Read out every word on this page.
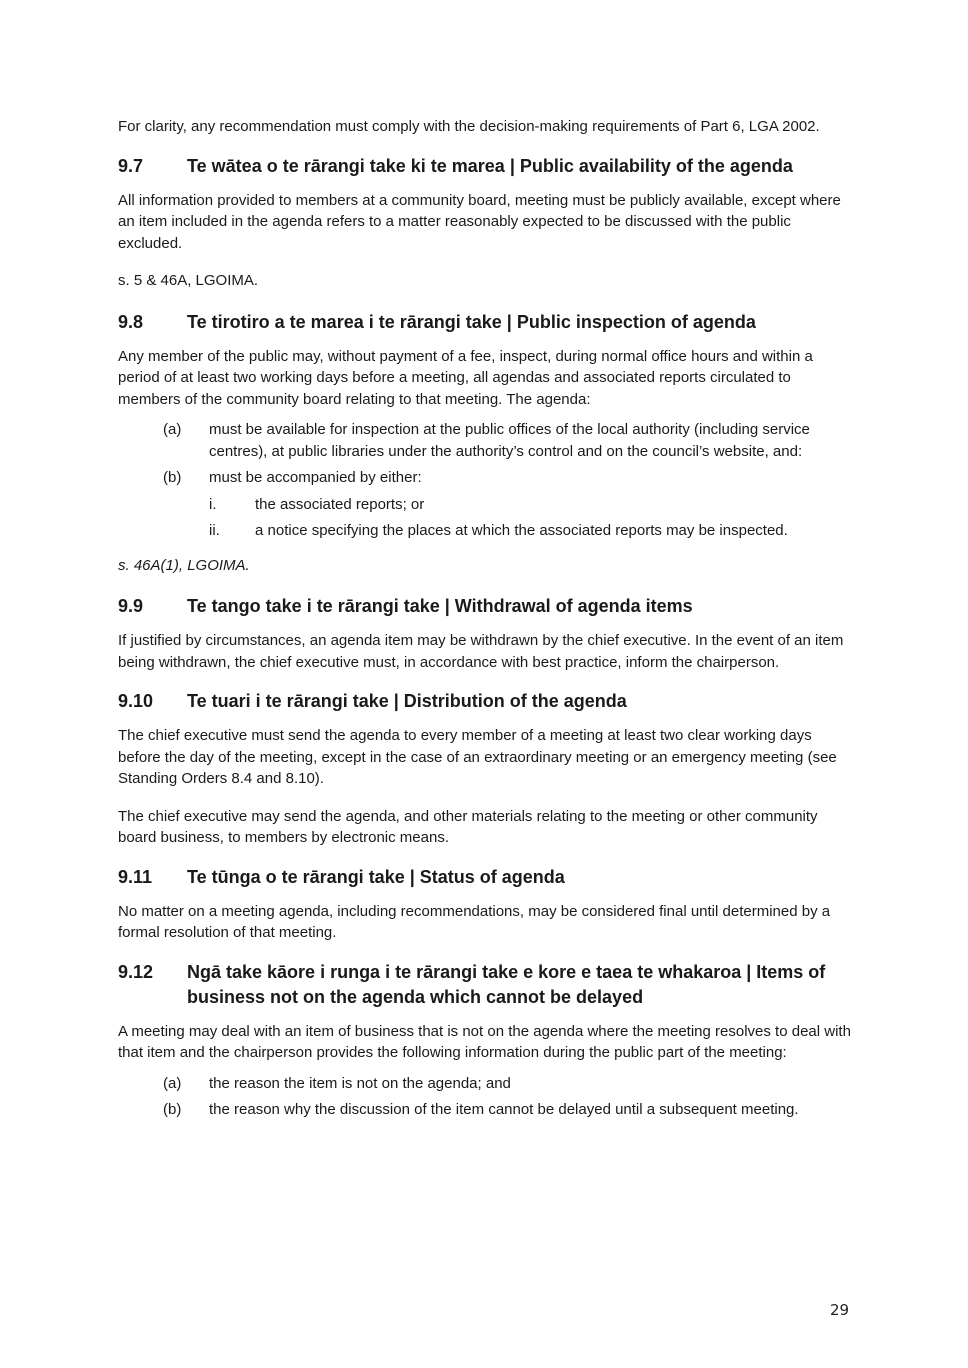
For clarity, any recommendation must comply with the decision-making requirements of Part 6, LGA 2002.

9.7	Te wātea o te rārangi take ki te marea | Public availability of the agenda

All information provided to members at a community board, meeting must be publicly available, except where an item included in the agenda refers to a matter reasonably expected to be discussed with the public excluded.

s. 5 & 46A, LGOIMA.

9.8	Te tirotiro a te marea i te rārangi take | Public inspection of agenda

Any member of the public may, without payment of a fee, inspect, during normal office hours and within a period of at least two working days before a meeting, all agendas and associated reports circulated to members of the community board relating to that meeting. The agenda:

(a)	must be available for inspection at the public offices of the local authority (including service centres), at public libraries under the authority’s control and on the council’s website, and:
(b)	must be accompanied by either:
i.	the associated reports; or
ii.	a notice specifying the places at which the associated reports may be inspected.

s. 46A(1), LGOIMA.

9.9	Te tango take i te rārangi take | Withdrawal of agenda items

If justified by circumstances, an agenda item may be withdrawn by the chief executive. In the event of an item being withdrawn, the chief executive must, in accordance with best practice, inform the chairperson.

9.10	Te tuari i te rārangi take | Distribution of the agenda

The chief executive must send the agenda to every member of a meeting at least two clear working days before the day of the meeting, except in the case of an extraordinary meeting or an emergency meeting (see Standing Orders 8.4 and 8.10).

The chief executive may send the agenda, and other materials relating to the meeting or other community board business, to members by electronic means.

9.11	Te tūnga o te rārangi take | Status of agenda

No matter on a meeting agenda, including recommendations, may be considered final until determined by a formal resolution of that meeting.

9.12	Ngā take kāore i runga i te rārangi take e kore e taea te whakaroa | Items of business not on the agenda which cannot be delayed

A meeting may deal with an item of business that is not on the agenda where the meeting resolves to deal with that item and the chairperson provides the following information during the public part of the meeting:

(a)	the reason the item is not on the agenda; and
(b)	the reason why the discussion of the item cannot be delayed until a subsequent meeting.
29
